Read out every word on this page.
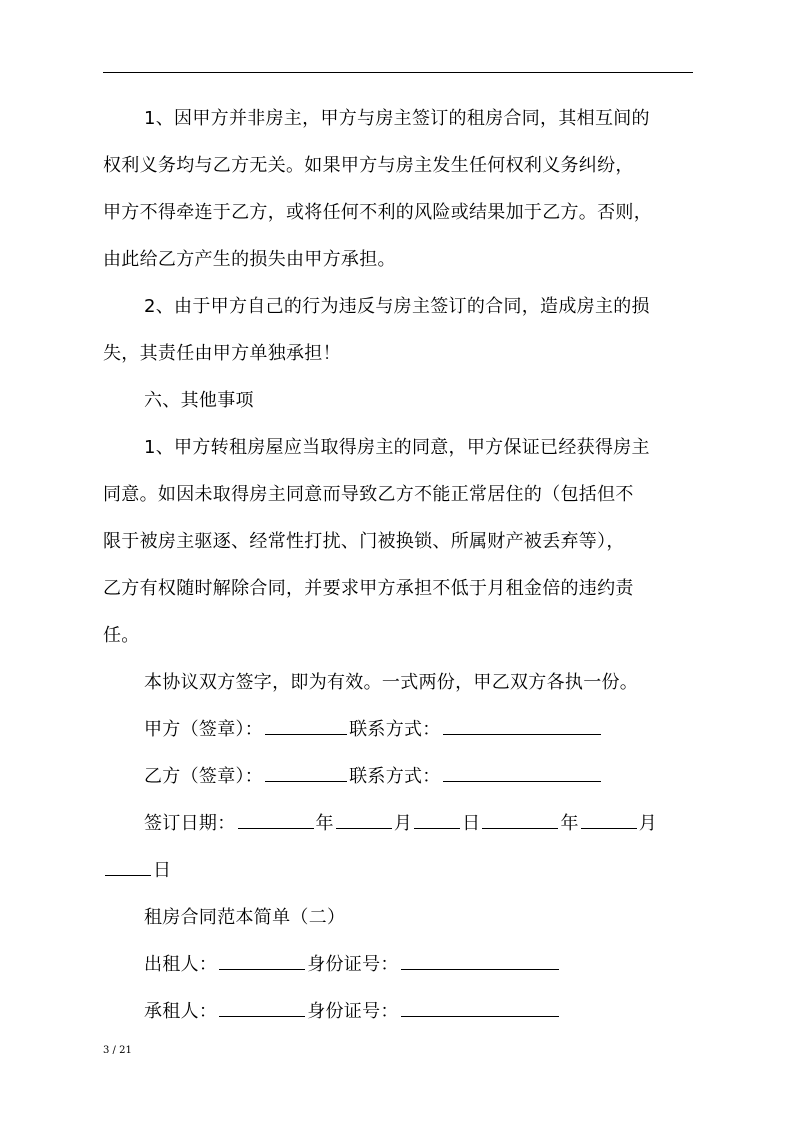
1、因甲方并非房主，甲方与房主签订的租房合同，其相互间的

权利义务均与乙方无关。如果甲方与房主发生任何权利义务纠纷，

甲方不得牵连于乙方，或将任何不利的风险或结果加于乙方。否则，

由此给乙方产生的损失由甲方承担。

2、由于甲方自己的行为违反与房主签订的合同，造成房主的损

失，其责任由甲方单独承担！

六、其他事项

1、甲方转租房屋应当取得房主的同意，甲方保证已经获得房主

同意。如因未取得房主同意而导致乙方不能正常居住的（包括但不

限于被房主驱逐、经常性打扰、门被换锁、所属财产被丢弃等），

乙方有权随时解除合同，并要求甲方承担不低于月租金倍的违约责

任。

本协议双方签字，即为有效。一式两份，甲乙双方各执一份。

甲方（签章）：	联系方式：

乙方（签章）：	联系方式：

签订日期：	年	月	日	年	月

日

租房合同范本简单（二）

出租人：	身份证号：

承租人：	身份证号：

3 / 21
